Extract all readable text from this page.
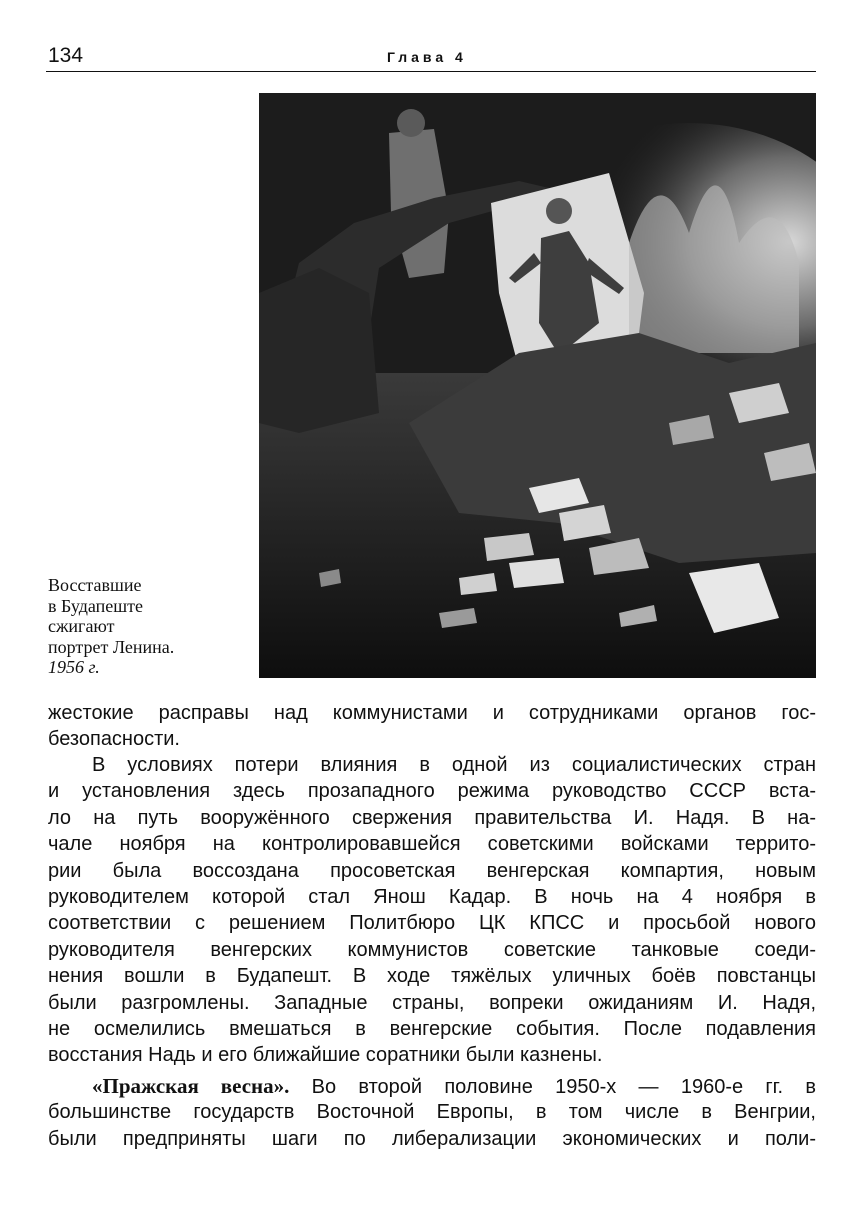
134	Глава 4
Восставшие
в Будапеште
сжигают
портрет Ленина.
1956 г.
жестокие расправы над коммунистами и сотрудниками органов гос-
безопасности.
В условиях потери влияния в одной из социалистических стран
и установления здесь прозападного режима руководство СССР вста-
ло на путь вооружённого свержения правительства И. Надя. В на-
чале ноября на контролировавшейся советскими войсками террито-
рии была воссоздана просоветская венгерская компартия, новым
руководителем которой стал Янош Кадар. В ночь на 4 ноября в
соответствии с решением Политбюро ЦК КПСС и просьбой нового
руководителя венгерских коммунистов советские танковые соеди-
нения вошли в Будапешт. В ходе тяжёлых уличных боёв повстанцы
были разгромлены. Западные страны, вопреки ожиданиям И. Надя,
не осмелились вмешаться в венгерские события. После подавления
восстания Надь и его ближайшие соратники были казнены.
«Пражская весна». Во второй половине 1950-х — 1960-е гг. в
большинстве государств Восточной Европы, в том числе в Венгрии,
были предприняты шаги по либерализации экономических и поли-
